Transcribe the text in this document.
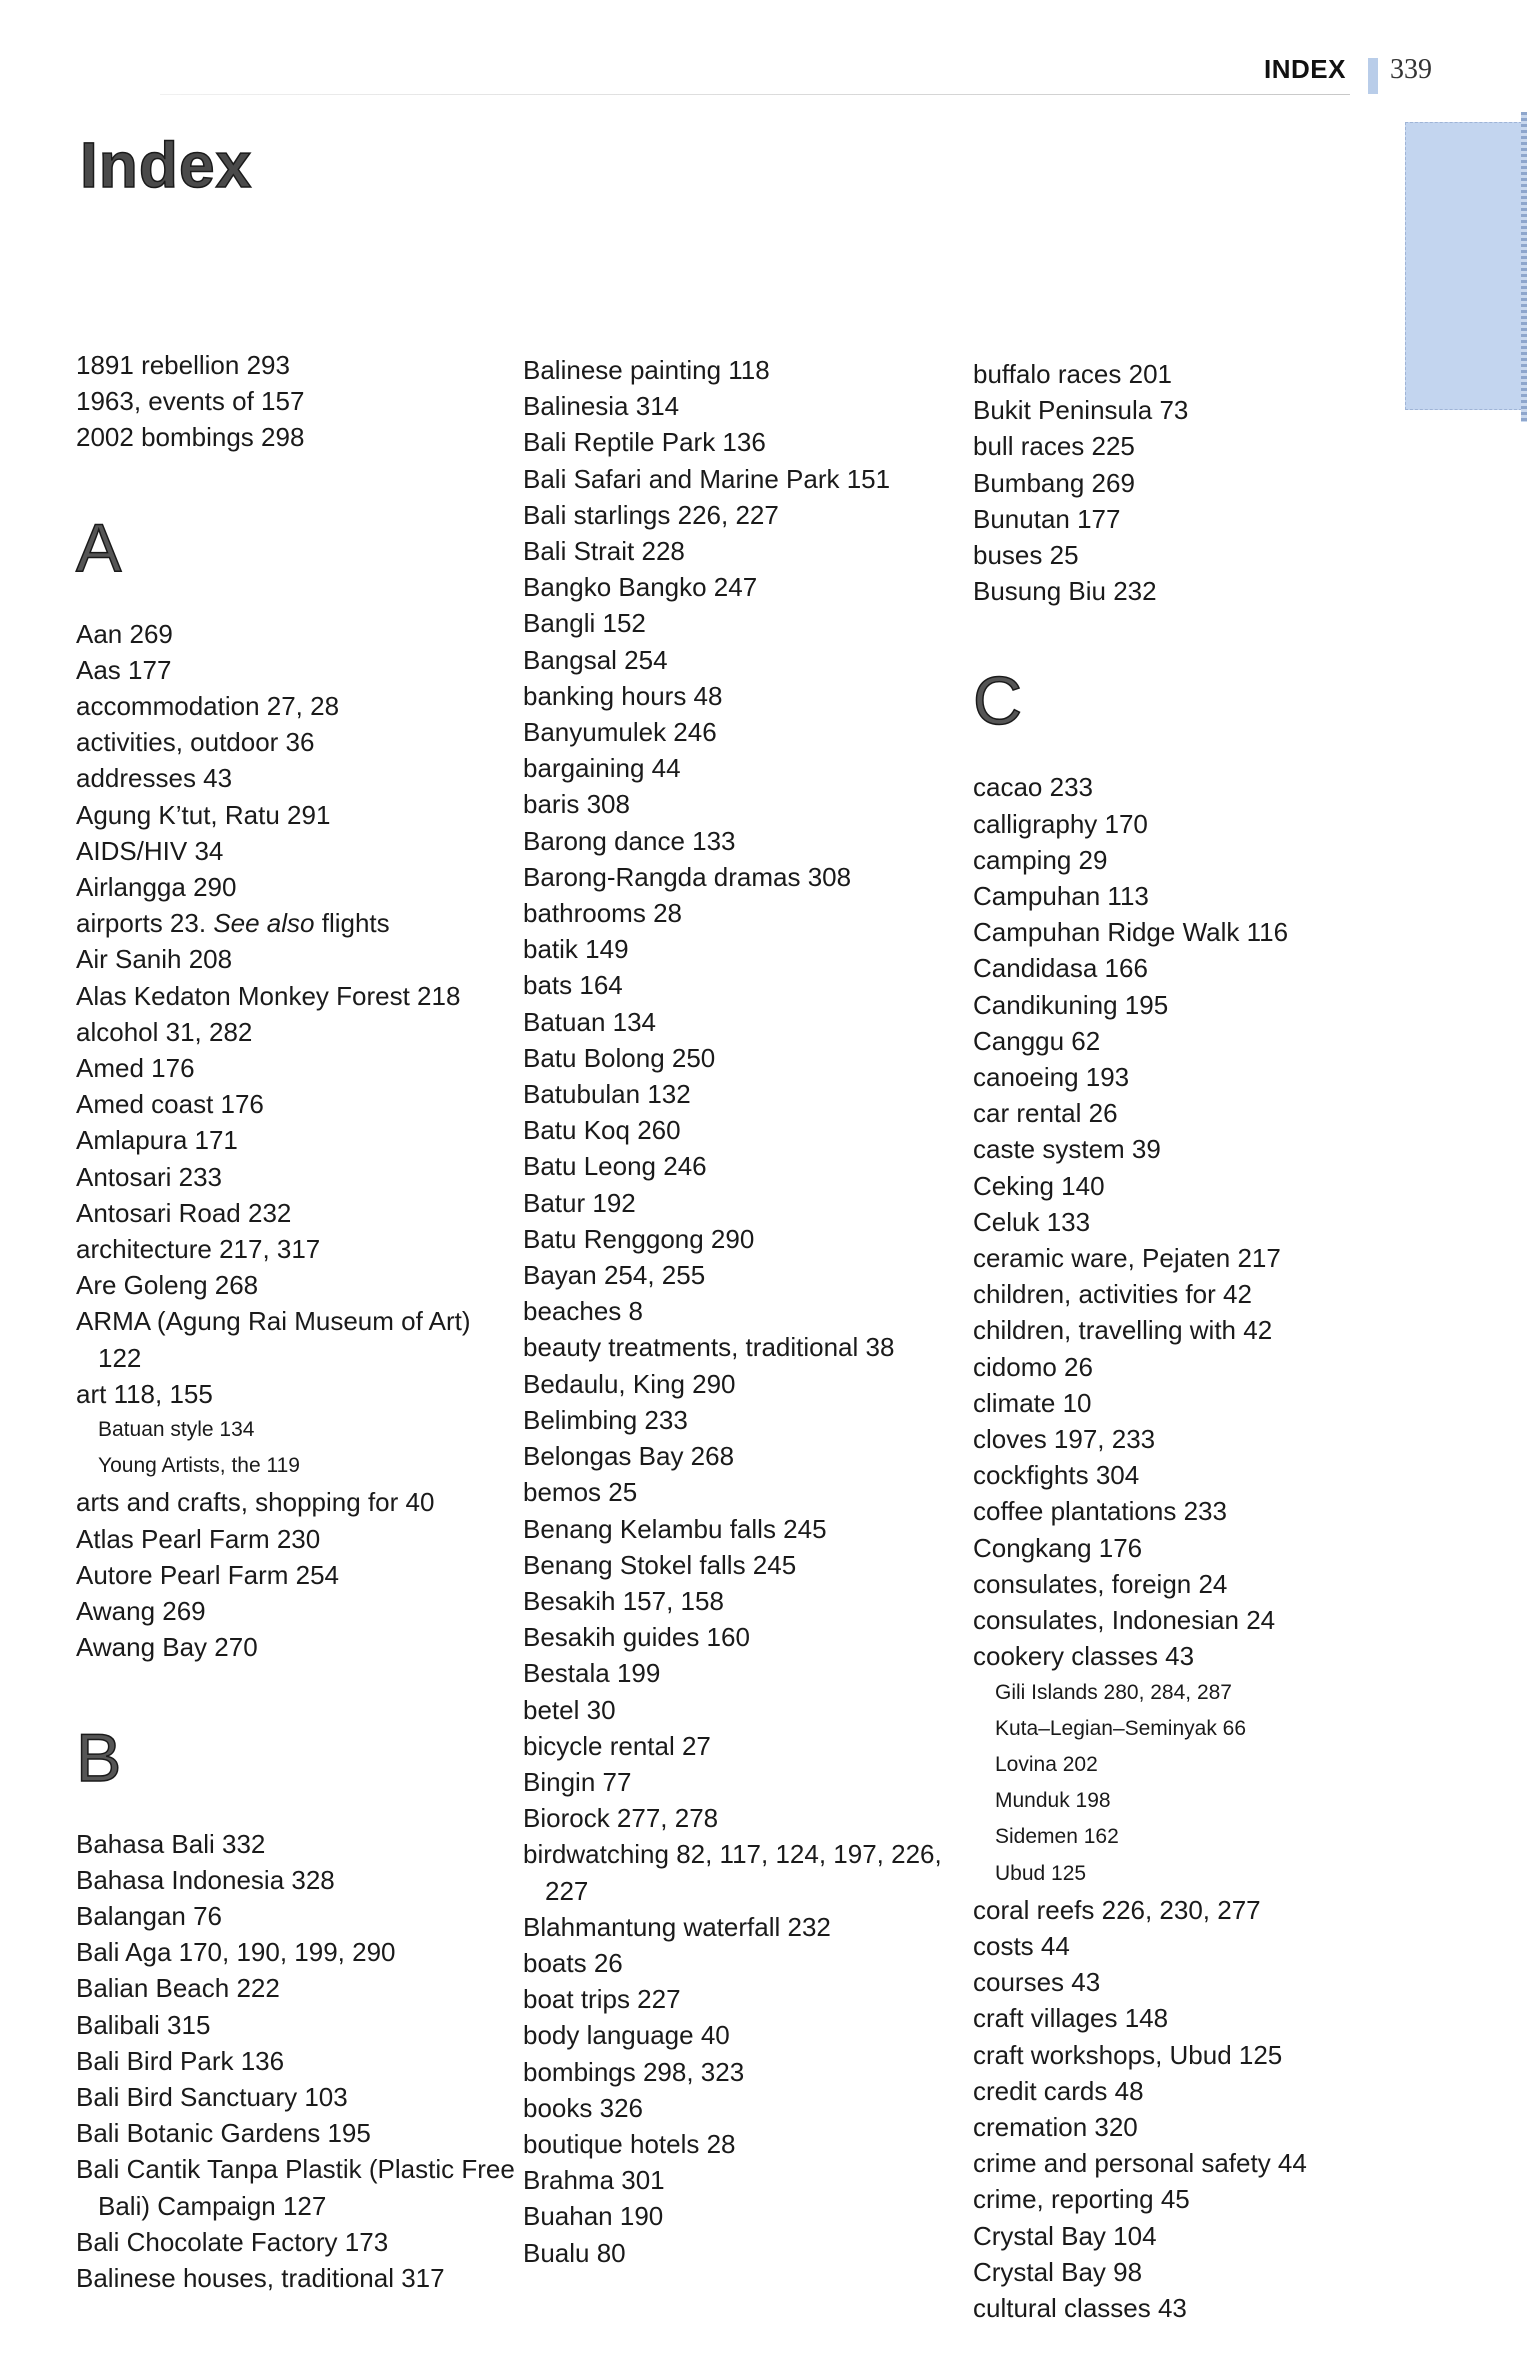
INDEX 339
Index
1891 rebellion 293
1963, events of 157
2002 bombings 298
A
Aan 269
Aas 177
accommodation 27, 28
activities, outdoor 36
addresses 43
Agung K’tut, Ratu 291
AIDS/HIV 34
Airlangga 290
airports 23. See also flights
Air Sanih 208
Alas Kedaton Monkey Forest 218
alcohol 31, 282
Amed 176
Amed coast 176
Amlapura 171
Antosari 233
Antosari Road 232
architecture 217, 317
Are Goleng 268
ARMA (Agung Rai Museum of Art) 122
art 118, 155
Batuan style 134
Young Artists, the 119
arts and crafts, shopping for 40
Atlas Pearl Farm 230
Autore Pearl Farm 254
Awang 269
Awang Bay 270
B
Bahasa Bali 332
Bahasa Indonesia 328
Balangan 76
Bali Aga 170, 190, 199, 290
Balian Beach 222
Balibali 315
Bali Bird Park 136
Bali Bird Sanctuary 103
Bali Botanic Gardens 195
Bali Cantik Tanpa Plastik (Plastic Free Bali) Campaign 127
Bali Chocolate Factory 173
Balinese houses, traditional 317
Balinese painting 118
Balinesia 314
Bali Reptile Park 136
Bali Safari and Marine Park 151
Bali starlings 226, 227
Bali Strait 228
Bangko Bangko 247
Bangli 152
Bangsal 254
banking hours 48
Banyumulek 246
bargaining 44
baris 308
Barong dance 133
Barong-Rangda dramas 308
bathrooms 28
batik 149
bats 164
Batuan 134
Batu Bolong 250
Batubulan 132
Batu Koq 260
Batu Leong 246
Batur 192
Batu Renggong 290
Bayan 254, 255
beaches 8
beauty treatments, traditional 38
Bedaulu, King 290
Belimbing 233
Belongas Bay 268
bemos 25
Benang Kelambu falls 245
Benang Stokel falls 245
Besakih 157, 158
Besakih guides 160
Bestala 199
betel 30
bicycle rental 27
Bingin 77
Biorock 277, 278
birdwatching 82, 117, 124, 197, 226, 227
Blahmantung waterfall 232
boats 26
boat trips 227
body language 40
bombings 298, 323
books 326
boutique hotels 28
Brahma 301
Buahan 190
Bualu 80
buffalo races 201
Bukit Peninsula 73
bull races 225
Bumbang 269
Bunutan 177
buses 25
Busung Biu 232
C
cacao 233
calligraphy 170
camping 29
Campuhan 113
Campuhan Ridge Walk 116
Candidasa 166
Candikuning 195
Canggu 62
canoeing 193
car rental 26
caste system 39
Ceking 140
Celuk 133
ceramic ware, Pejaten 217
children, activities for 42
children, travelling with 42
cidomo 26
climate 10
cloves 197, 233
cockfights 304
coffee plantations 233
Congkang 176
consulates, foreign 24
consulates, Indonesian 24
cookery classes 43
Gili Islands 280, 284, 287
Kuta–Legian–Seminyak 66
Lovina 202
Munduk 198
Sidemen 162
Ubud 125
coral reefs 226, 230, 277
costs 44
courses 43
craft villages 148
craft workshops, Ubud 125
credit cards 48
cremation 320
crime and personal safety 44
crime, reporting 45
Crystal Bay 104
Crystal Bay 98
cultural classes 43
